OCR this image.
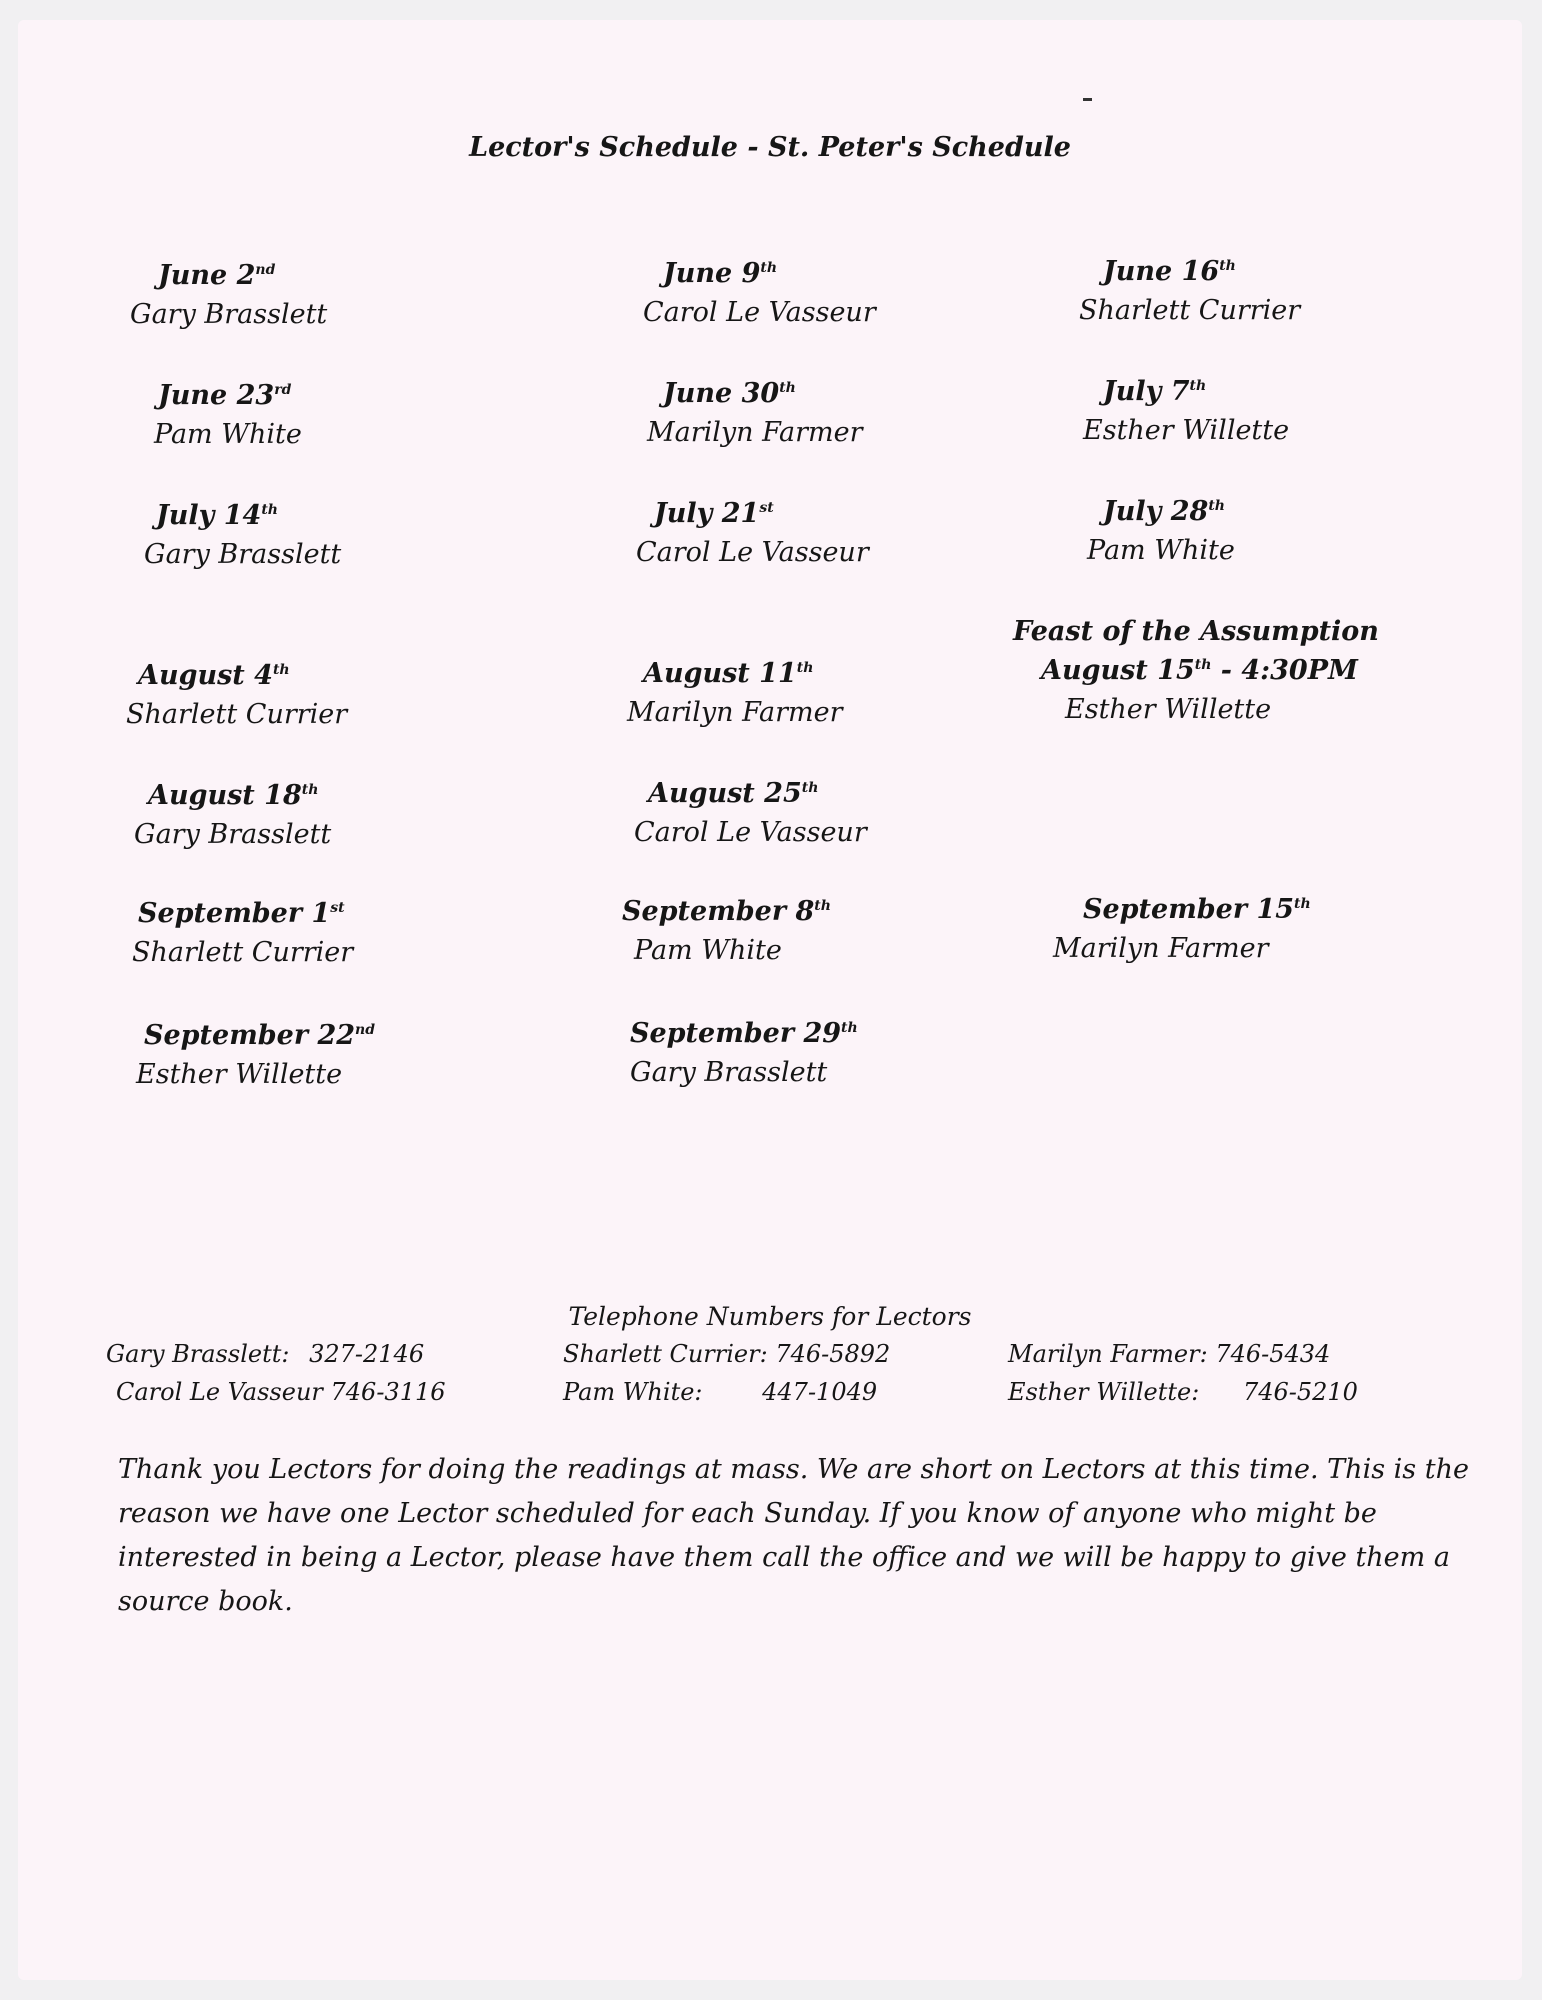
Lector's Schedule - St. Peter's Schedule
June 2nd
Gary Brasslett
June 9th
Carol Le Vasseur
June 16th
Sharlett Currier
June 23rd
Pam White
June 30th
Marilyn Farmer
July 7th
Esther Willette
July 14th
Gary Brasslett
July 21st
Carol Le Vasseur
July 28th
Pam White
August 4th
Sharlett Currier
August 11th
Marilyn Farmer
Feast of the Assumption
August 15th - 4:30PM
Esther Willette
August 18th
Gary Brasslett
August 25th
Carol Le Vasseur
September 1st
Sharlett Currier
September 8th
Pam White
September 15th
Marilyn Farmer
September 22nd
Esther Willette
September 29th
Gary Brasslett
Telephone Numbers for Lectors
Gary Brasslett: 327-2146
Carol Le Vasseur 746-3116
Sharlett Currier: 746-5892
Pam White: 447-1049
Marilyn Farmer: 746-5434
Esther Willette: 746-5210

Thank you Lectors for doing the readings at mass. We are short on Lectors at this time. This is the reason we have one Lector scheduled for each Sunday. If you know of anyone who might be interested in being a Lector, please have them call the office and we will be happy to give them a source book.
